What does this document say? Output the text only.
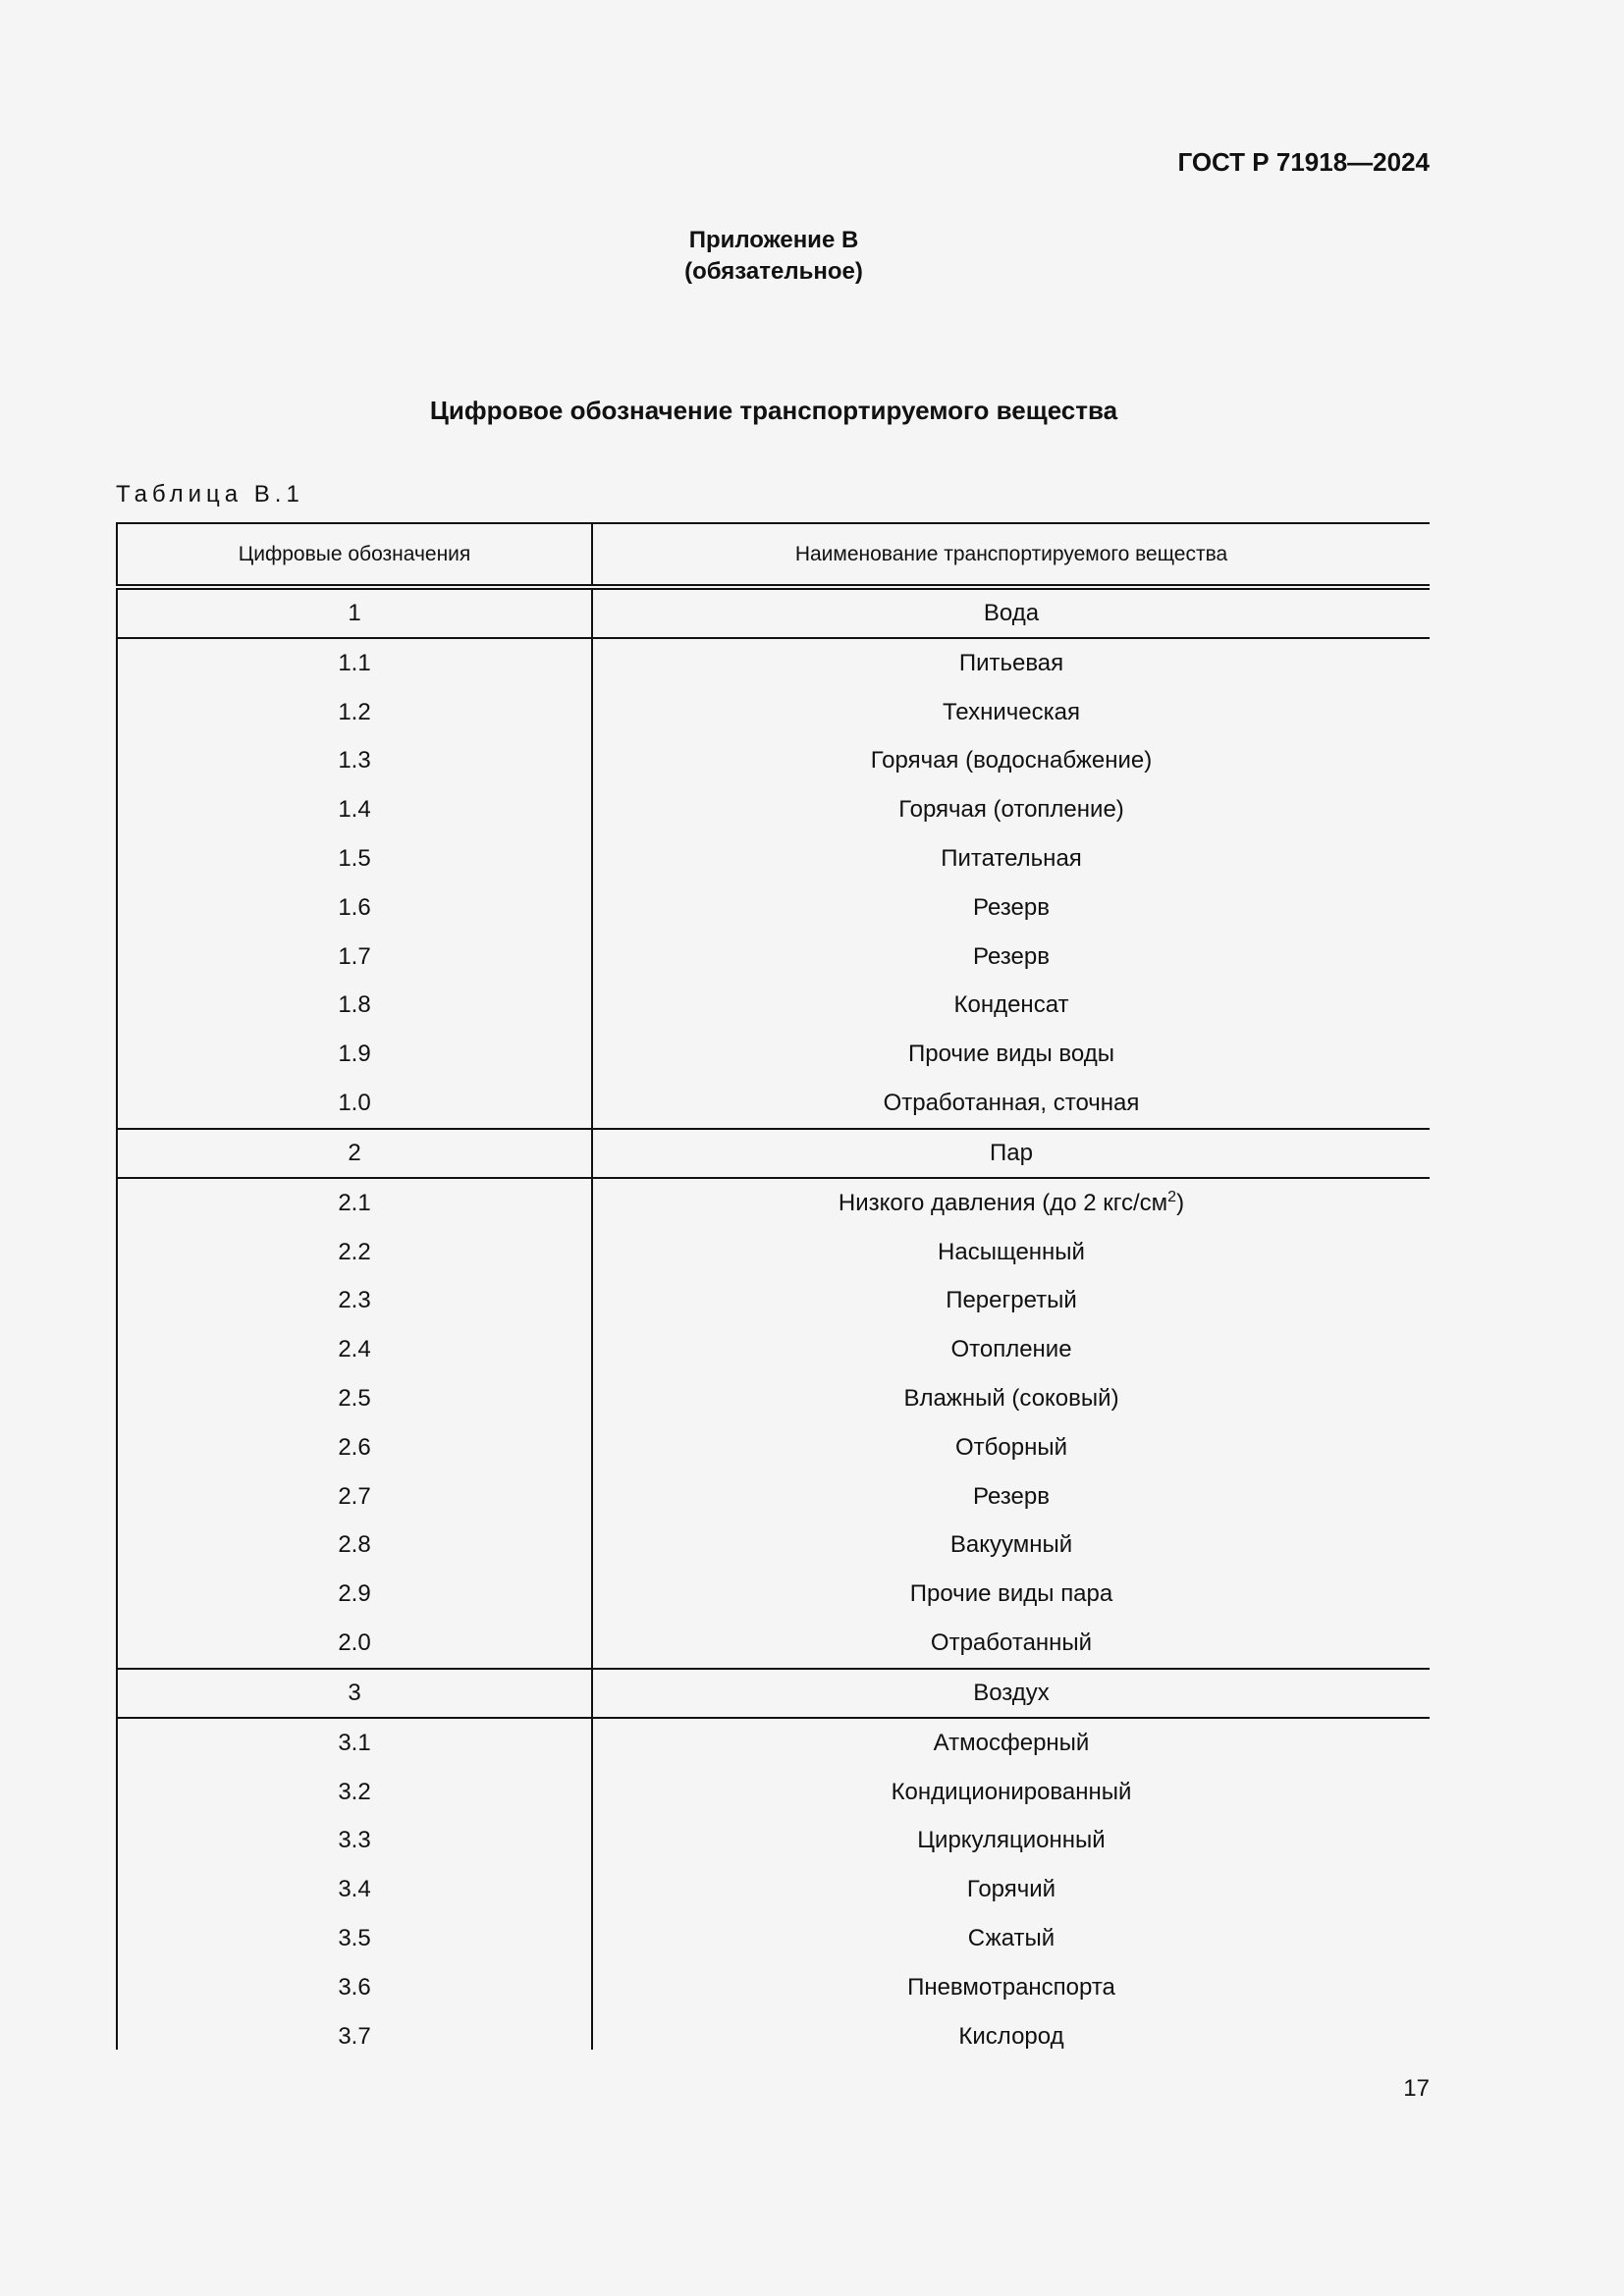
ГОСТ Р 71918—2024
Приложение В
(обязательное)
Цифровое обозначение транспортируемого вещества
Таблица В.1
Цифровые обозначения	Наименование транспортируемого вещества
1	Вода
1.1	Питьевая
1.2	Техническая
1.3	Горячая (водоснабжение)
1.4	Горячая (отопление)
1.5	Питательная
1.6	Резерв
1.7	Резерв
1.8	Конденсат
1.9	Прочие виды воды
1.0	Отработанная, сточная
2	Пар
2.1	Низкого давления (до 2 кгс/$см^2$)
2.2	Насыщенный
2.3	Перегретый
2.4	Отопление
2.5	Влажный (соковый)
2.6	Отборный
2.7	Резерв
2.8	Вакуумный
2.9	Прочие виды пара
2.0	Отработанный
3	Воздух
3.1	Атмосферный
3.2	Кондиционированный
3.3	Циркуляционный
3.4	Горячий
3.5	Сжатый
3.6	Пневмотранспорта
3.7	Кислород
17
